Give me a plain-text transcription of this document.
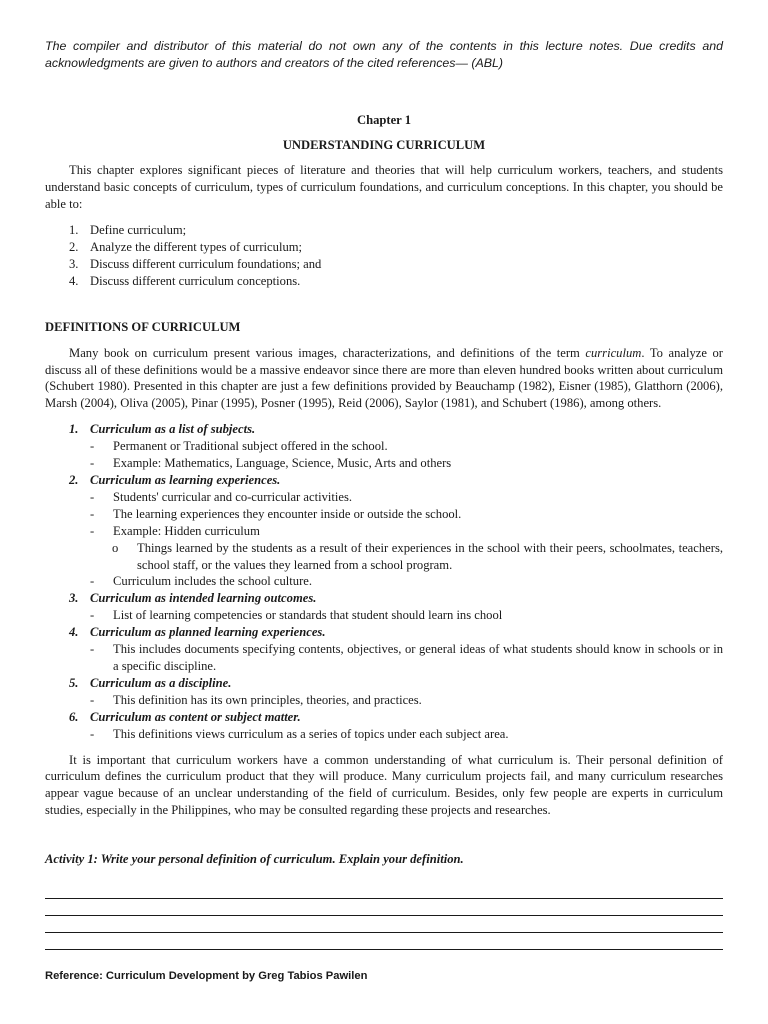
The compiler and distributor of this material do not own any of the contents in this lecture notes. Due credits and acknowledgments are given to authors and creators of the cited references— (ABL)

Chapter 1
UNDERSTANDING CURRICULUM

This chapter explores significant pieces of literature and theories that will help curriculum workers, teachers, and students understand basic concepts of curriculum, types of curriculum foundations, and curriculum conceptions. In this chapter, you should be able to:

1. Define curriculum;
2. Analyze the different types of curriculum;
3. Discuss different curriculum foundations; and
4. Discuss different curriculum conceptions.
DEFINITIONS OF CURRICULUM

Many book on curriculum present various images, characterizations, and definitions of the term curriculum. To analyze or discuss all of these definitions would be a massive endeavor since there are more than eleven hundred books written about curriculum (Schubert 1980). Presented in this chapter are just a few definitions provided by Beauchamp (1982), Eisner (1985), Glatthorn (2006), Marsh (2004), Oliva (2005), Pinar (1995), Posner (1995), Reid (2006), Saylor (1981), and Schubert (1986), among others.

1. Curriculum as a list of subjects.
- Permanent or Traditional subject offered in the school.
- Example: Mathematics, Language, Science, Music, Arts and others
2. Curriculum as learning experiences.
- Students' curricular and co-curricular activities.
- The learning experiences they encounter inside or outside the school.
- Example: Hidden curriculum
o Things learned by the students as a result of their experiences in the school with their peers, schoolmates, teachers, school staff, or the values they learned from a school program.
- Curriculum includes the school culture.
3. Curriculum as intended learning outcomes.
- List of learning competencies or standards that student should learn ins chool
4. Curriculum as planned learning experiences.
- This includes documents specifying contents, objectives, or general ideas of what students should know in schools or in a specific discipline.
5. Curriculum as a discipline.
- This definition has its own principles, theories, and practices.
6. Curriculum as content or subject matter.
- This definitions views curriculum as a series of topics under each subject area.

It is important that curriculum workers have a common understanding of what curriculum is. Their personal definition of curriculum defines the curriculum product that they will produce. Many curriculum projects fail, and many curriculum researches appear vague because of an unclear understanding of the field of curriculum. Besides, only few people are experts in curriculum studies, especially in the Philippines, who may be consulted regarding these projects and researches.

Activity 1: Write your personal definition of curriculum. Explain your definition.
Reference: Curriculum Development by Greg Tabios Pawilen
